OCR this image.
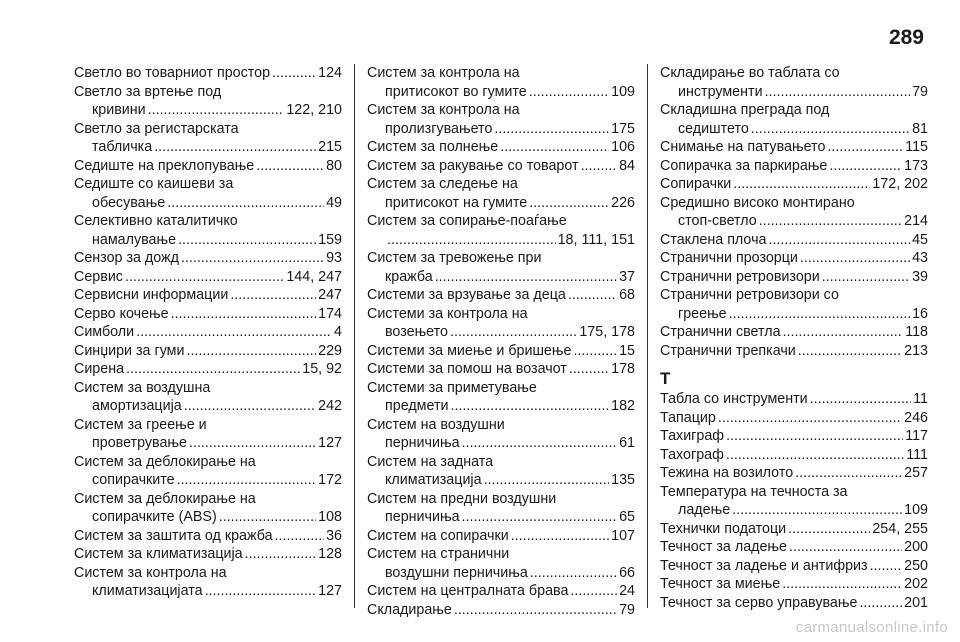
289
Светло во товарниот простор .....	124
Светло за вртење под
кривини .....	122, 210
Светло за регистарската
табличка .....	215
Седиште на преклопување .....	80
Седиште со каишеви за
обесување .....	49
Селективно каталитичко
намалување .....	159
Сензор за дожд .....	93
Сервис .....	144, 247
Сервисни информации .....	247
Серво кочење .....	174
Симболи .....	4
Синџири за гуми .....	229
Сирена .....	15, 92
Систем за воздушна
амортизација .....	242
Систем за греење и
проветрување .....	127
Систем за деблокирање на
сопирачките .....	172
Систем за деблокирање на
сопирачките (ABS) .....	108
Систем за заштита од кражба .....	36
Систем за климатизација .....	128
Систем за контрола на
климатизацијата .....	127
Систем за контрола на
притисокот во гумите .....	109
Систем за контрола на
пролизгувањето .....	175
Систем за полнење .....	106
Систем за ракување со товарот .....	84
Систем за следење на
притисокот на гумите .....	226
Систем за сопирање-поаѓање
.....
18, 111, 151
Систем за тревожење при
кражба .....	37
Системи за врзување за деца .....	68
Системи за контрола на
возењето .....	175, 178
Системи за миење и бришење .....	15
Системи за помош на возачот .....	178
Системи за приметување
предмети .....	182
Систем на воздушни
перничиња .....	61
Систем на задната
климатизација .....	135
Систем на предни воздушни
перничиња .....	65
Систем на сопирачки .....	107
Систем на странични
воздушни перничиња .....	66
Систем на централната брава .....	24
Складирање .....	79
Складирање во таблата со
инструменти .....	79
Складишна преграда под
седиштето .....	81
Снимање на патувањето .....	115
Сопирачка за паркирање .....	173
Сопирачки .....	172, 202
Средишно високо монтирано
стоп-светло .....	214
Стаклена плоча .....	45
Странични прозорци .....	43
Странични ретровизори .....	39
Странични ретровизори со
греење .....	16
Странични светла .....	118
Странични трепкачи .....	213
Т
Табла со инструменти .....	11
Тапацир .....	246
Тахиграф .....	117
Тахограф .....	111
Тежина на возилото .....	257
Температура на течноста за
ладење .....	109
Технички податоци .....	254, 255
Течност за ладење .....	200
Течност за ладење и антифриз .....	250
Течност за миење .....	202
Течност за серво управување .....	201
carmanualsonline.info
